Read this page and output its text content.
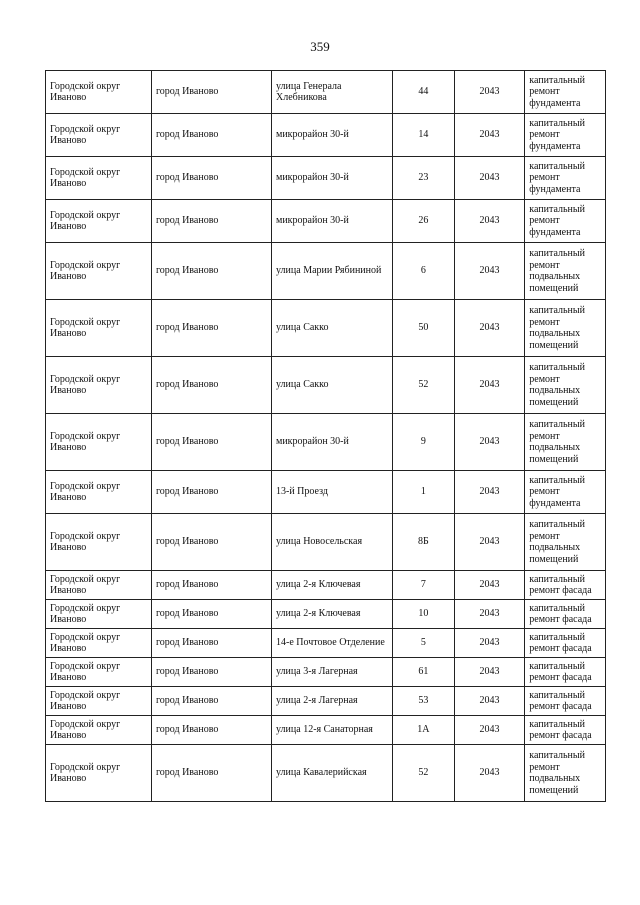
359
Городской округ Иваново	город Иваново	улица Генерала Хлебникова	44	2043	капитальный ремонт фундамента
Городской округ Иваново	город Иваново	микрорайон 30-й	14	2043	капитальный ремонт фундамента
Городской округ Иваново	город Иваново	микрорайон 30-й	23	2043	капитальный ремонт фундамента
Городской округ Иваново	город Иваново	микрорайон 30-й	26	2043	капитальный ремонт фундамента
Городской округ Иваново	город Иваново	улица Марии Рябининой	6	2043	капитальный ремонт подвальных помещений
Городской округ Иваново	город Иваново	улица Сакко	50	2043	капитальный ремонт подвальных помещений
Городской округ Иваново	город Иваново	улица Сакко	52	2043	капитальный ремонт подвальных помещений
Городской округ Иваново	город Иваново	микрорайон 30-й	9	2043	капитальный ремонт подвальных помещений
Городской округ Иваново	город Иваново	13-й Проезд	1	2043	капитальный ремонт фундамента
Городской округ Иваново	город Иваново	улица Новосельская	8Б	2043	капитальный ремонт подвальных помещений
Городской округ Иваново	город Иваново	улица 2-я Ключевая	7	2043	капитальный ремонт фасада
Городской округ Иваново	город Иваново	улица 2-я Ключевая	10	2043	капитальный ремонт фасада
Городской округ Иваново	город Иваново	14-е Почтовое Отделение	5	2043	капитальный ремонт фасада
Городской округ Иваново	город Иваново	улица 3-я Лагерная	61	2043	капитальный ремонт фасада
Городской округ Иваново	город Иваново	улица 2-я Лагерная	53	2043	капитальный ремонт фасада
Городской округ Иваново	город Иваново	улица 12-я Санаторная	1А	2043	капитальный ремонт фасада
Городской округ Иваново	город Иваново	улица Кавалерийская	52	2043	капитальный ремонт подвальных помещений
